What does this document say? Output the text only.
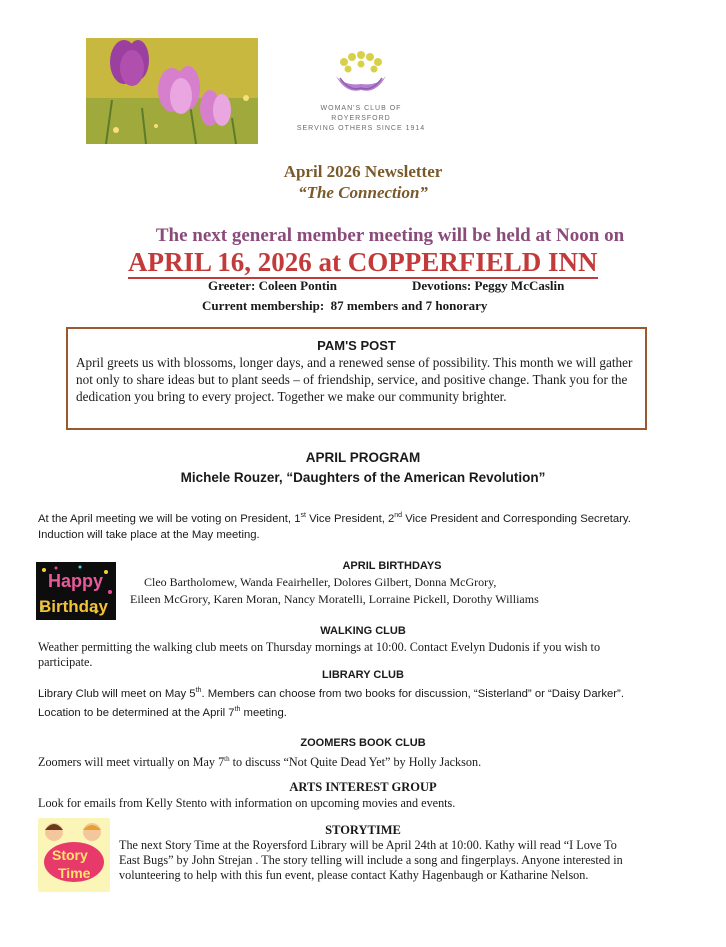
WOMAN'S CLUB OF ROYERSFORD
SERVING OTHERS SINCE 1914
April 2026 Newsletter
“The Connection”
The next general member meeting will be held at Noon on
APRIL 16, 2026 at COPPERFIELD INN
Greeter: Coleen Pontin	Devotions: Peggy McCaslin
Current membership:  87 members and 7 honorary
PAM'S POST
April greets us with blossoms, longer days, and a renewed sense of possibility. This month we will gather not only to share ideas but to plant seeds – of friendship, service, and positive change. Thank you for the dedication you bring to every project. Together we make our community brighter.
APRIL PROGRAM
Michele Rouzer, “Daughters of the American Revolution”
At the April meeting we will be voting on President, 1st Vice President, 2nd Vice President and Corresponding Secretary.
Induction will take place at the May meeting.
Happy
Birthday
APRIL BIRTHDAYS
Cleo Bartholomew, Wanda Feairheller, Dolores Gilbert, Donna McGrory,
Eileen McGrory, Karen Moran, Nancy Moratelli, Lorraine Pickell, Dorothy Williams
WALKING CLUB
Weather permitting the walking club meets on Thursday mornings at 10:00. Contact Evelyn Dudonis if you wish to
participate.
LIBRARY CLUB
Library Club will meet on May 5th. Members can choose from two books for discussion, “Sisterland” or “Daisy Darker”.
Location to be determined at the April 7th meeting.
ZOOMERS BOOK CLUB
Zoomers will meet virtually on May 7th to discuss “Not Quite Dead Yet” by Holly Jackson.
ARTS INTEREST GROUP
Look for emails from Kelly Stento with information on upcoming movies and events.
Story
Time
STORYTIME
The next Story Time at the Royersford Library will be April 24th at 10:00. Kathy will read “I Love To
East Bugs” by John Strejan . The story telling will include a song and fingerplays. Anyone interested in
volunteering to help with this fun event, please contact Kathy Hagenbaugh or Katharine Nelson.
